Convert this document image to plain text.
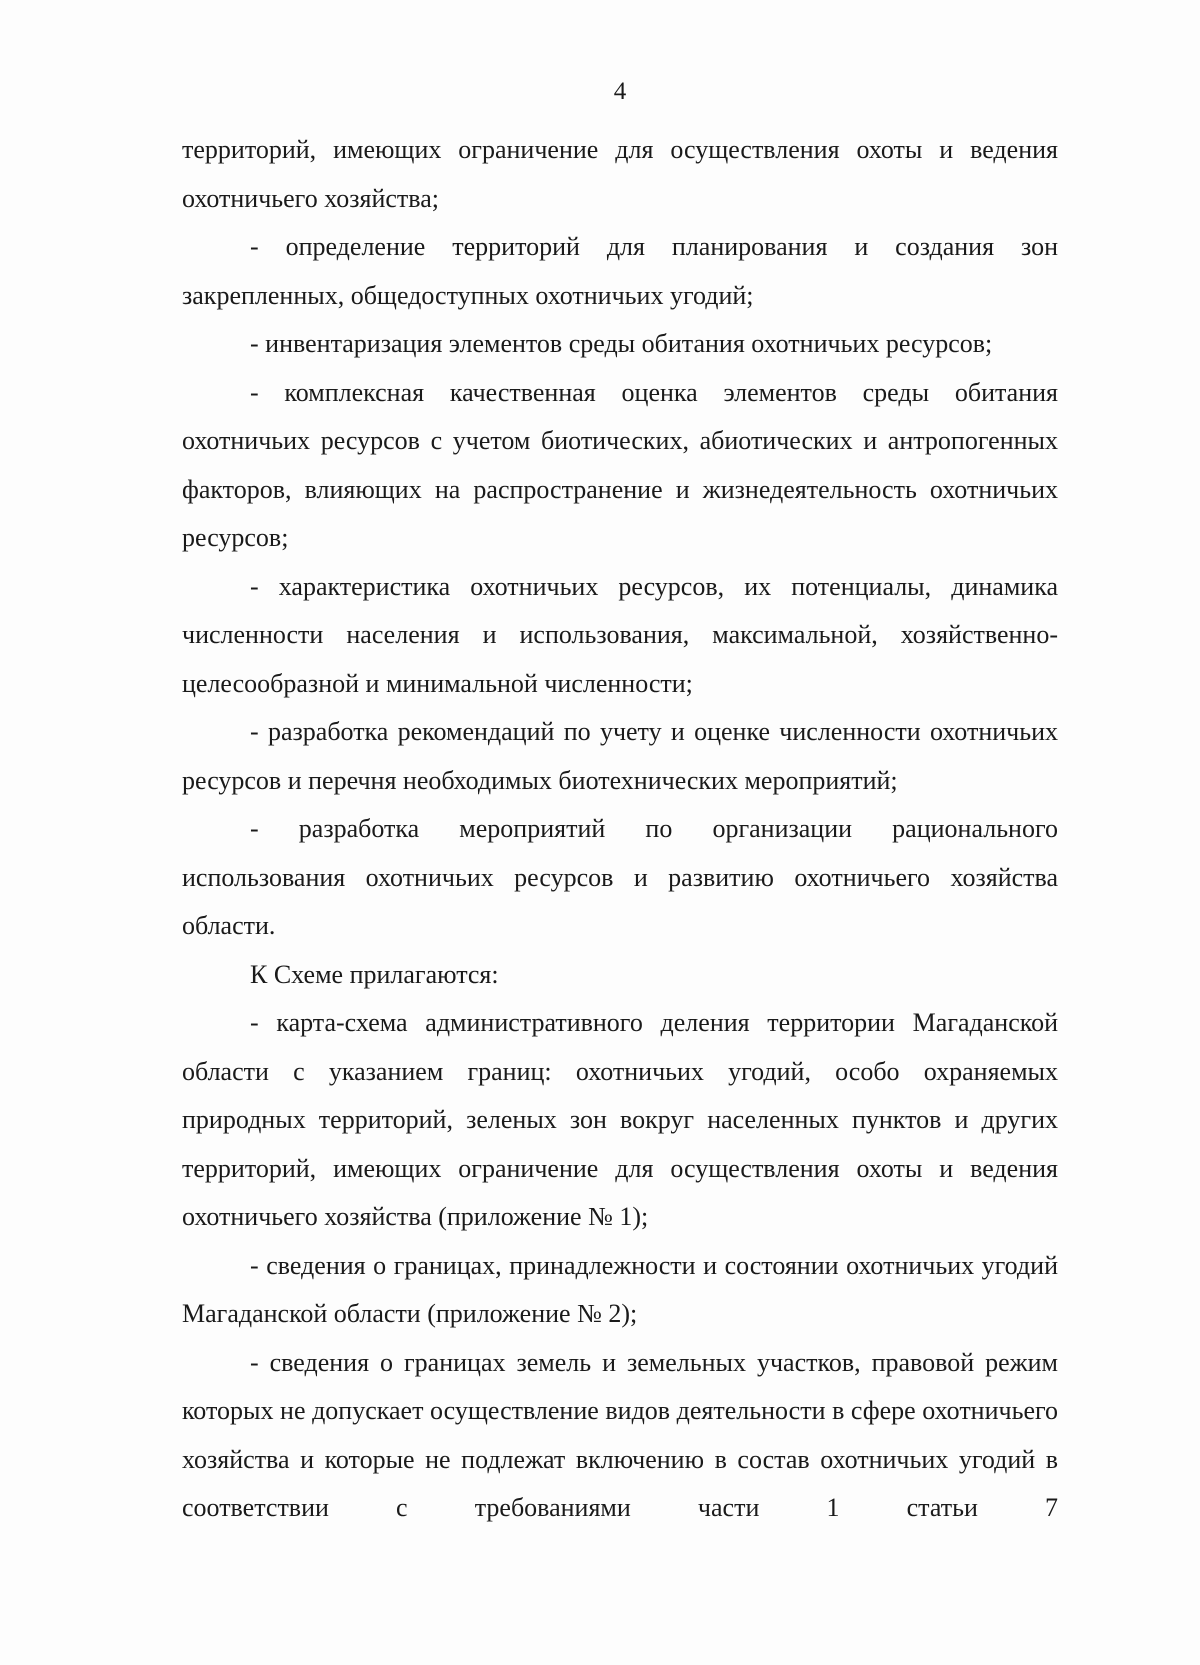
4

территорий, имеющих ограничение для осуществления охоты и ведения охотничьего хозяйства;

- определение территорий для планирования и создания зон закрепленных, общедоступных охотничьих угодий;

- инвентаризация элементов среды обитания охотничьих ресурсов;

- комплексная качественная оценка элементов среды обитания охотничьих ресурсов с учетом биотических, абиотических и антропогенных факторов, влияющих на распространение и жизнедеятельность охотничьих ресурсов;

- характеристика охотничьих ресурсов, их потенциалы, динамика численности населения и использования, максимальной, хозяйственно-целесообразной и минимальной численности;

- разработка рекомендаций по учету и оценке численности охотничьих ресурсов и перечня необходимых биотехнических мероприятий;

- разработка мероприятий по организации рационального использования охотничьих ресурсов и развитию охотничьего хозяйства области.

К Схеме прилагаются:

- карта-схема административного деления территории Магаданской области с указанием границ: охотничьих угодий, особо охраняемых природных территорий, зеленых зон вокруг населенных пунктов и других территорий, имеющих ограничение для осуществления охоты и ведения охотничьего хозяйства (приложение № 1);

- сведения о границах, принадлежности и состоянии охотничьих угодий Магаданской области (приложение № 2);

- сведения о границах земель и земельных участков, правовой режим которых не допускает осуществление видов деятельности в сфере охотничьего хозяйства и которые не подлежат включению в состав охотничьих угодий в соответствии с требованиями части 1 статьи 7
